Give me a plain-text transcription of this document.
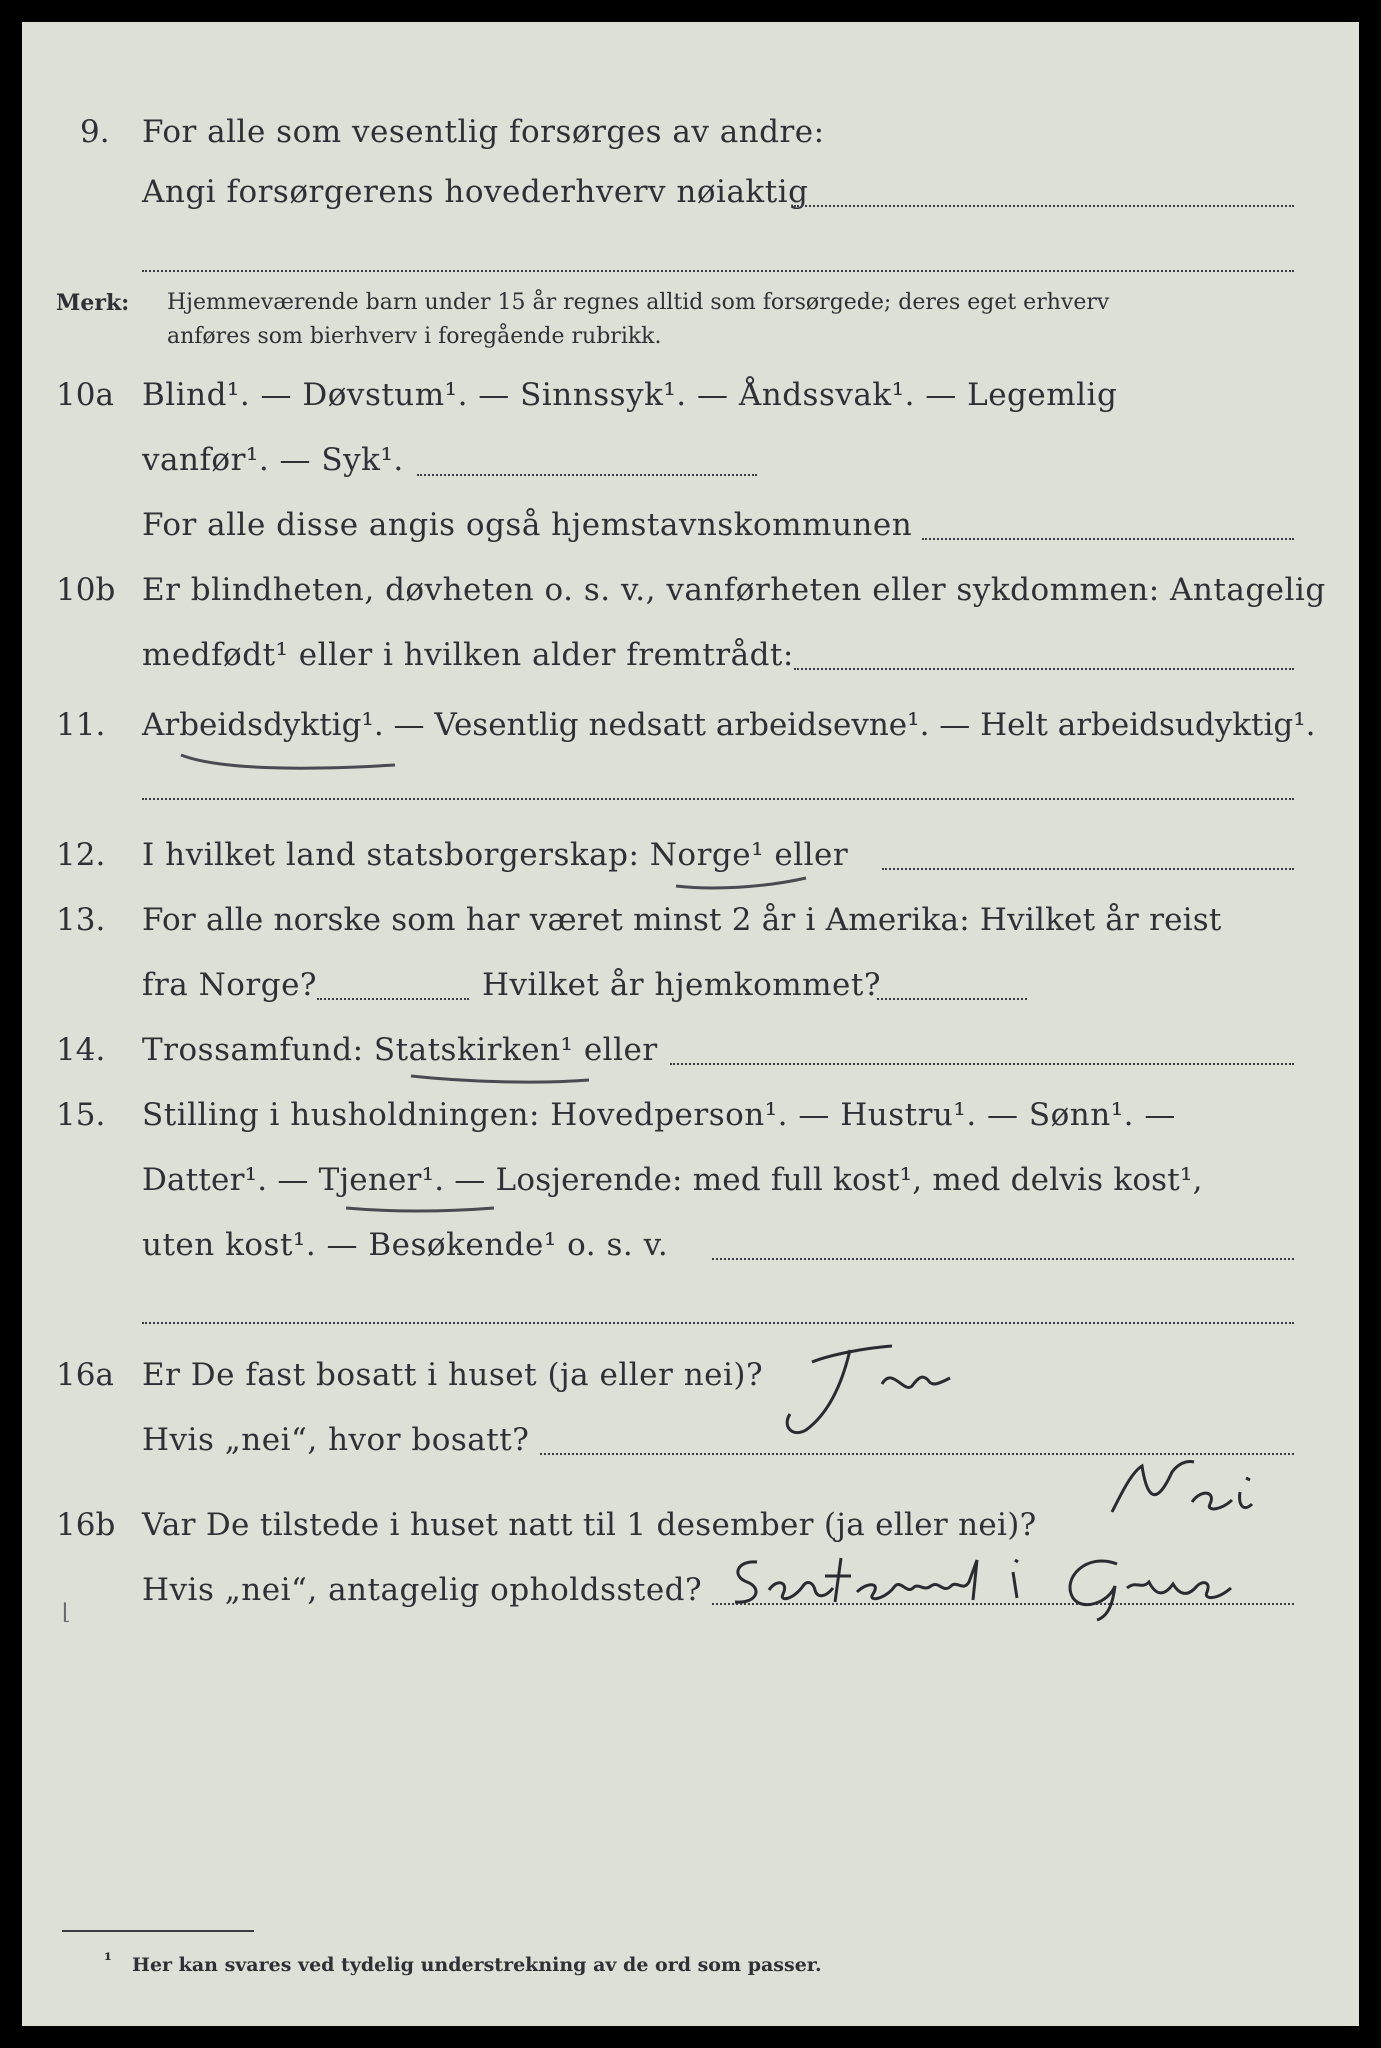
9. For alle som vesentlig forsørges av andre:
Angi forsørgerens hovederhverv nøiaktig
Merk: Hjemmeværende barn under 15 år regnes alltid som forsørgede; deres eget erhverv
anføres som bierhverv i foregående rubrikk.
10a Blind¹. — Døvstum¹. — Sinnssyk¹. — Åndssvak¹. — Legemlig
vanfør¹. — Syk¹.
For alle disse angis også hjemstavnskommunen
10b Er blindheten, døvheten o. s. v., vanførheten eller sykdommen: Antagelig
medfødt¹ eller i hvilken alder fremtrådt:
11. Arbeidsdyktig¹. — Vesentlig nedsatt arbeidsevne¹. — Helt arbeidsudyktig¹.
12. I hvilket land statsborgerskap: Norge¹ eller
13. For alle norske som har været minst 2 år i Amerika: Hvilket år reist
fra Norge?	Hvilket år hjemkommet?
14. Trossamfund: Statskirken¹ eller
15. Stilling i husholdningen: Hovedperson¹. — Hustru¹. — Sønn¹. —
Datter¹. — Tjener¹. — Losjerende: med full kost¹, med delvis kost¹,
uten kost¹. — Besøkende¹ o. s. v.
16a Er De fast bosatt i huset (ja eller nei)?
Hvis „nei“, hvor bosatt?
16b Var De tilstede i huset natt til 1 desember (ja eller nei)?
Hvis „nei“, antagelig opholdssted?
⌊
¹ Her kan svares ved tydelig understrekning av de ord som passer.
